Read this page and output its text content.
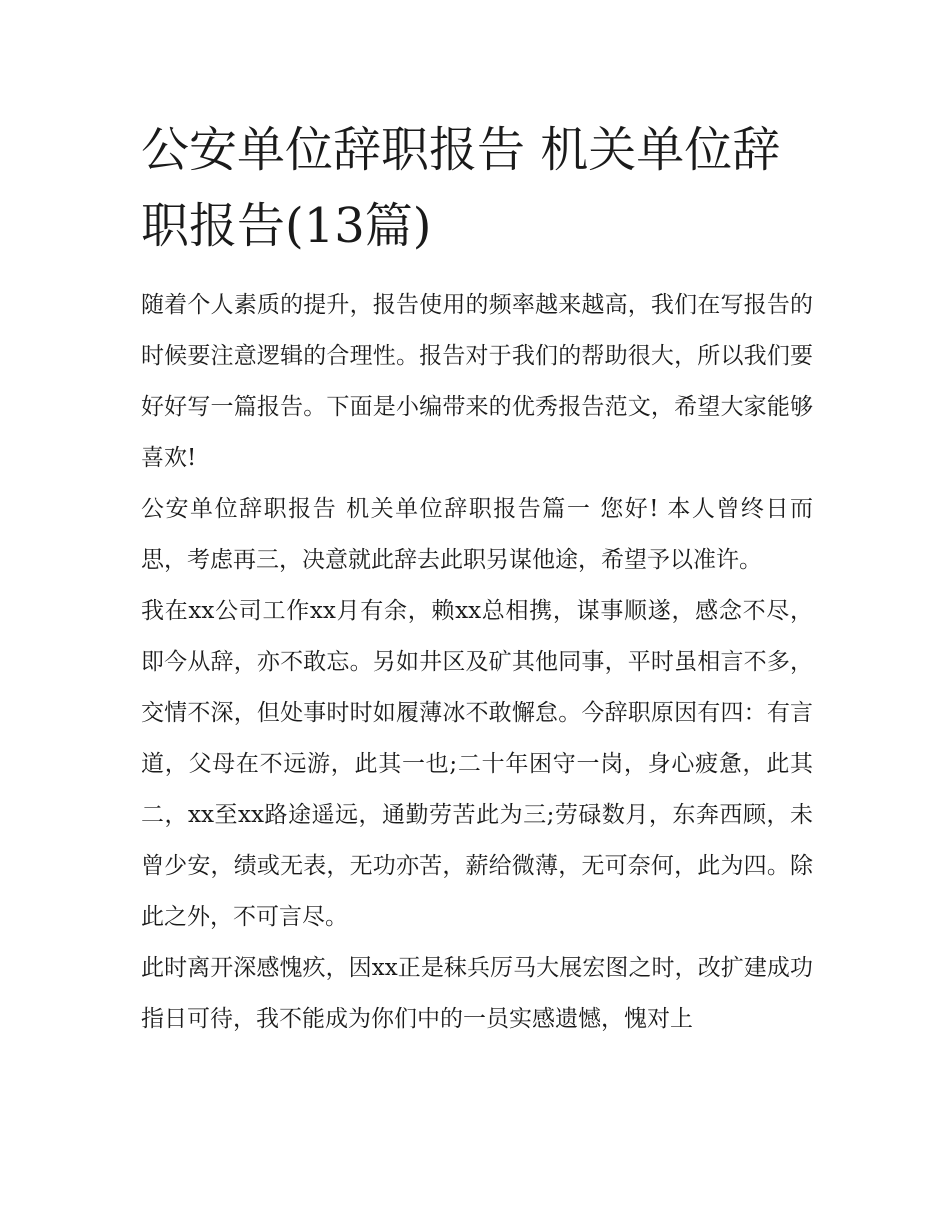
公安单位辞职报告 机关单位辞职报告(13篇)

随着个人素质的提升，报告使用的频率越来越高，我们在写报告的时候要注意逻辑的合理性。报告对于我们的帮助很大，所以我们要好好写一篇报告。下面是小编带来的优秀报告范文，希望大家能够喜欢!

公安单位辞职报告 机关单位辞职报告篇一 您好! 本人曾终日而思，考虑再三，决意就此辞去此职另谋他途，希望予以准许。

我在xx公司工作xx月有余，赖xx总相携，谋事顺遂，感念不尽，即今从辞，亦不敢忘。另如井区及矿其他同事，平时虽相言不多，交情不深，但处事时时如履薄冰不敢懈怠。今辞职原因有四：有言道，父母在不远游，此其一也;二十年困守一岗，身心疲惫，此其二，xx至xx路途遥远，通勤劳苦此为三;劳碌数月，东奔西顾，未曾少安，绩或无表，无功亦苦，薪给微薄，无可奈何，此为四。除此之外，不可言尽。

此时离开深感愧疚，因xx正是秣兵厉马大展宏图之时，改扩建成功指日可待，我不能成为你们中的一员实感遗憾，愧对上
